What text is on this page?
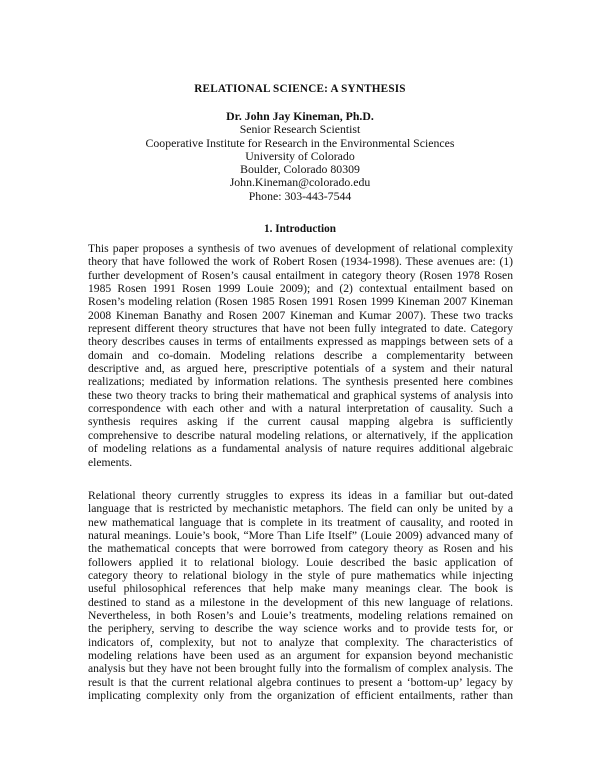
RELATIONAL SCIENCE: A SYNTHESIS
Dr. John Jay Kineman, Ph.D.
Senior Research Scientist
Cooperative Institute for Research in the Environmental Sciences
University of Colorado
Boulder, Colorado 80309
John.Kineman@colorado.edu
Phone: 303-443-7544
1. Introduction
This paper proposes a synthesis of two avenues of development of relational complexity
theory that have followed the work of Robert Rosen (1934-1998). These avenues are: (1)
further development of Rosen’s causal entailment in category theory (Rosen 1978 Rosen
1985 Rosen 1991 Rosen 1999 Louie 2009); and (2) contextual entailment based on
Rosen’s modeling relation (Rosen 1985 Rosen 1991 Rosen 1999 Kineman 2007 Kineman
2008 Kineman Banathy and Rosen 2007 Kineman and Kumar 2007). These two tracks
represent different theory structures that have not been fully integrated to date. Category
theory describes causes in terms of entailments expressed as mappings between sets of a
domain and co-domain. Modeling relations describe a complementarity between
descriptive and, as argued here, prescriptive potentials of a system and their natural
realizations; mediated by information relations. The synthesis presented here combines
these two theory tracks to bring their mathematical and graphical systems of analysis into
correspondence with each other and with a natural interpretation of causality. Such a
synthesis requires asking if the current causal mapping algebra is sufficiently
comprehensive to describe natural modeling relations, or alternatively, if the application
of modeling relations as a fundamental analysis of nature requires additional algebraic
elements.
Relational theory currently struggles to express its ideas in a familiar but out-dated
language that is restricted by mechanistic metaphors. The field can only be united by a
new mathematical language that is complete in its treatment of causality, and rooted in
natural meanings. Louie’s book, “More Than Life Itself” (Louie 2009) advanced many of
the mathematical concepts that were borrowed from category theory as Rosen and his
followers applied it to relational biology. Louie described the basic application of
category theory to relational biology in the style of pure mathematics while injecting
useful philosophical references that help make many meanings clear. The book is
destined to stand as a milestone in the development of this new language of relations.
Nevertheless, in both Rosen’s and Louie’s treatments, modeling relations remained on
the periphery, serving to describe the way science works and to provide tests for, or
indicators of, complexity, but not to analyze that complexity. The characteristics of
modeling relations have been used as an argument for expansion beyond mechanistic
analysis but they have not been brought fully into the formalism of complex analysis. The
result is that the current relational algebra continues to present a ‘bottom-up’ legacy by
implicating complexity only from the organization of efficient entailments, rather than
